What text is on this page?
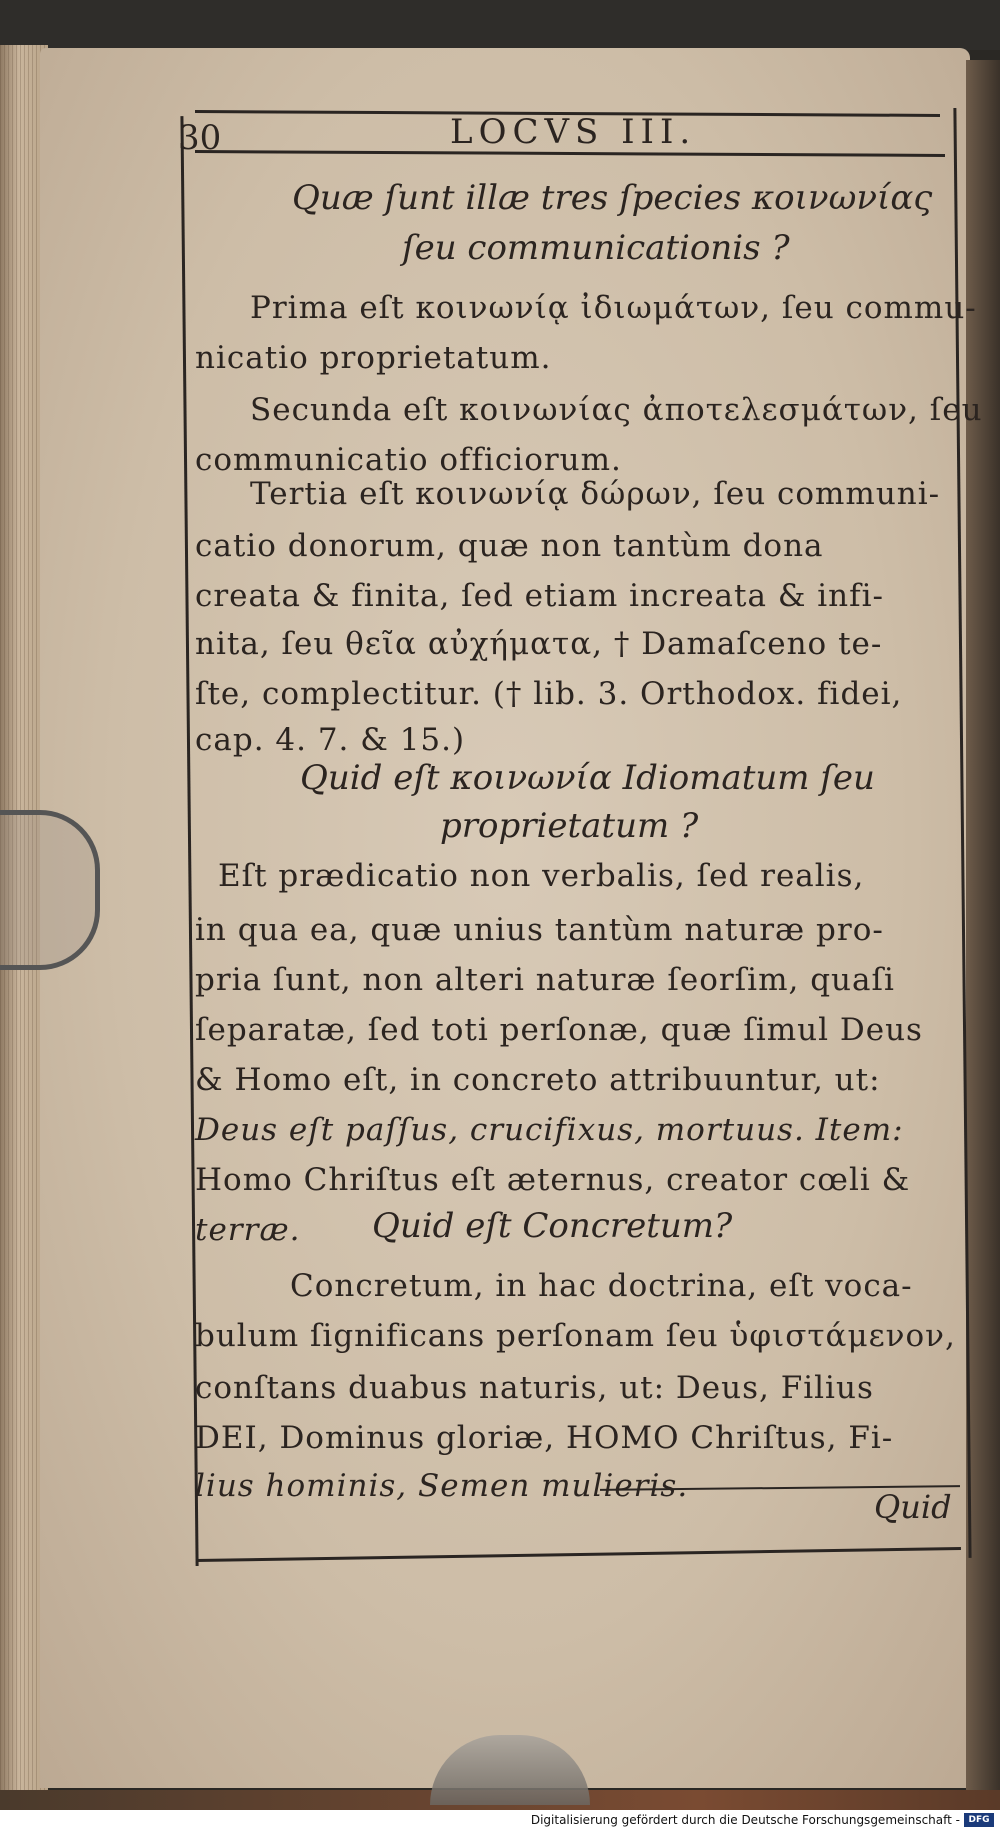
30	LOCVS III.
Quæ ſunt illæ tres ſpecies κοινωνίας
ſeu communicationis ?
Prima eſt κοινωνίᾳ ἰδιωμάτων, ſeu commu-
nicatio proprietatum.
Secunda eſt κοινωνίας ἀποτελεσμάτων, ſeu
communicatio officiorum.
Tertia eſt κοινωνίᾳ δώρων, ſeu communi-
catio donorum, quæ non tantùm dona
creata & finita, ſed etiam increata & infi-
nita, ſeu θεῖα αὐχήματα, † Damaſceno te-
ſte, complectitur. († lib. 3. Orthodox. fidei,
cap. 4. 7. & 15.)
Quid eſt κοινωνία Idiomatum ſeu
proprietatum ?
Eſt prædicatio non verbalis, ſed realis,
in qua ea, quæ unius tantùm naturæ pro-
pria ſunt, non alteri naturæ ſeorſim, quaſi
ſeparatæ, ſed toti perſonæ, quæ ſimul Deus
& Homo eſt, in concreto attribuuntur, ut:
Deus eſt paſſus, crucifixus, mortuus. Item:
Homo Chriſtus eſt æternus, creator cœli &
terræ. Quid eſt Concretum?
Concretum, in hac doctrina, eſt voca-
bulum ſignificans perſonam ſeu ὑφιστάμενον,
conſtans duabus naturis, ut: Deus, Filius
DEI, Dominus gloriæ, HOMO Chriſtus, Fi-
lius hominis, Semen mulieris.
Quid
Digitalisierung gefördert durch die Deutsche Forschungsgemeinschaft - DFG
